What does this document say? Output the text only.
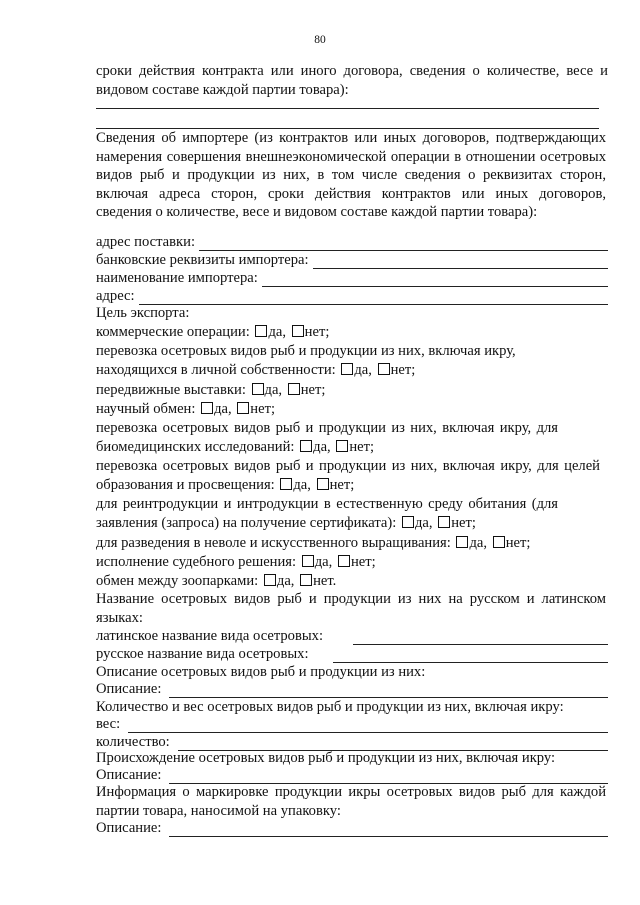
80
сроки действия контракта или иного договора, сведения о количестве, весе и
видовом составе каждой партии товара):

Сведения об импортере (из контрактов или иных договоров, подтверждающих намерения совершения внешнеэкономической операции в отношении осетровых видов рыб и продукции из них, в том числе сведения о реквизитах сторон, включая адреса сторон, сроки действия контрактов или иных договоров, сведения о количестве, весе и видовом составе каждой партии товара):

адрес поставки:
банковские реквизиты импортера:
наименование импортера:
адрес:
Цель экспорта:
коммерческие операции: да, нет;
перевозка осетровых видов рыб и продукции из них, включая икру,
находящихся в личной собственности: да, нет;
передвижные выставки: да, нет;
научный обмен: да, нет;
перевозка осетровых видов рыб и продукции из них, включая икру, для
биомедицинских исследований: да, нет;
перевозка осетровых видов рыб и продукции из них, включая икру, для целей
образования и просвещения: да, нет;
для реинтродукции и интродукции в естественную среду обитания (для
заявления (запроса) на получение сертификата): да, нет;
для разведения в неволе и искусственного выращивания: да, нет;
исполнение судебного решения: да, нет;
обмен между зоопарками: да, нет.

Название осетровых видов рыб и продукции из них на русском и латинском языках:

латинское название вида осетровых:
русское название вида осетровых:
Описание осетровых видов рыб и продукции из них:
Описание:
Количество и вес осетровых видов рыб и продукции из них, включая икру:
вес:
количество:
Происхождение осетровых видов рыб и продукции из них, включая икру:
Описание:

Информация о маркировке продукции икры осетровых видов рыб для каждой партии товара, наносимой на упаковку:

Описание:
